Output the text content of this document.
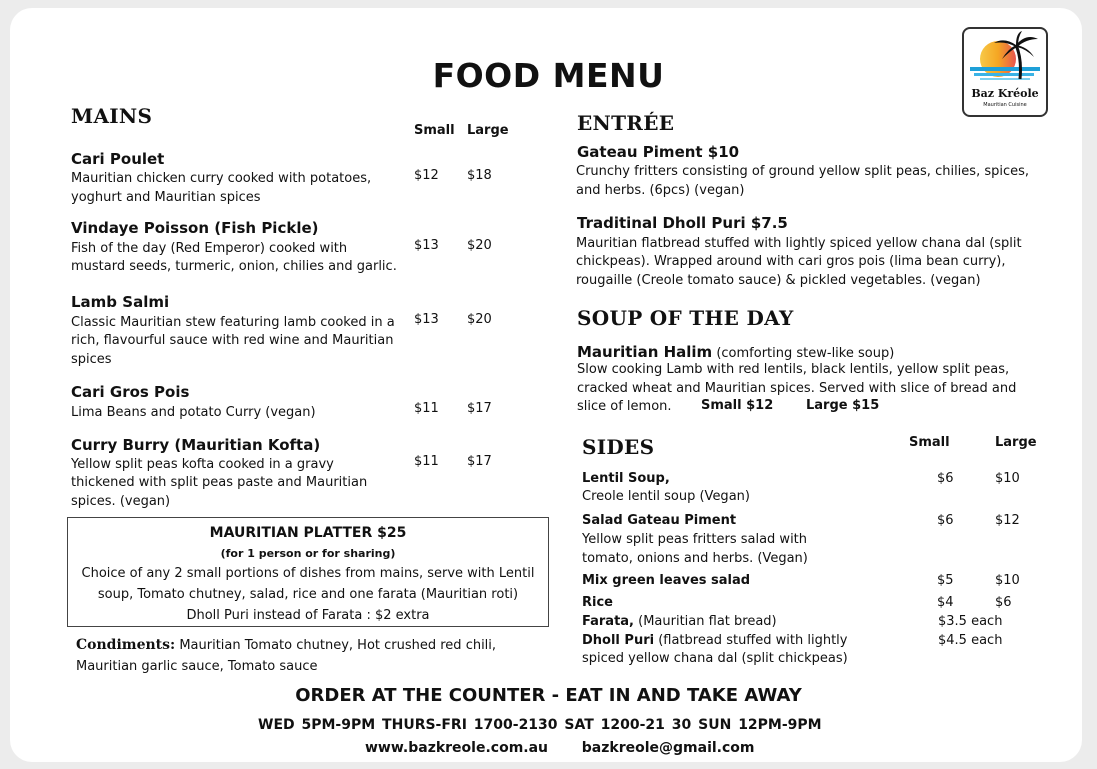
FOOD MENU	Baz Kréole
Mauritian Cuisine
MAINS
Small Large
Cari Poulet
Mauritian chicken curry cooked with potatoes,
yoghurt and Mauritian spices
$12 $18
Vindaye Poisson (Fish Pickle)
Fish of the day (Red Emperor) cooked with
mustard seeds, turmeric, onion, chilies and garlic.
$13 $20
Lamb Salmi
Classic Mauritian stew featuring lamb cooked in a
rich, flavourful sauce with red wine and Mauritian
spices
$13 $20
Cari Gros Pois
Lima Beans and potato Curry (vegan)	$11 $17
Curry Burry (Mauritian Kofta)
Yellow split peas kofta cooked in a gravy
thickened with split peas paste and Mauritian
spices. (vegan)
$11 $17
MAURITIAN PLATTER $25
(for 1 person or for sharing)
Choice of any 2 small portions of dishes from mains, serve with Lentil
soup, Tomato chutney, salad, rice and one farata (Mauritian roti)
Dholl Puri instead of Farata : $2 extra
Condiments: Mauritian Tomato chutney, Hot crushed red chili,
Mauritian garlic sauce, Tomato sauce
ENTRÉE
Gateau Piment $10
Crunchy fritters consisting of ground yellow split peas, chilies, spices,
and herbs. (6pcs) (vegan)
Traditinal Dholl Puri $7.5
Mauritian flatbread stuffed with lightly spiced yellow chana dal (split
chickpeas). Wrapped around with cari gros pois (lima bean curry),
rougaille (Creole tomato sauce) & pickled vegetables. (vegan)
SOUP OF THE DAY
Mauritian Halim (comforting stew-like soup)
Slow cooking Lamb with red lentils, black lentils, yellow split peas,
cracked wheat and Mauritian spices. Served with slice of bread and
slice of lemon. Small $12	Large $15
SIDES	Small	Large
Lentil Soup,
Creole lentil soup (Vegan)
$6	$10
Salad Gateau Piment
Yellow split peas fritters salad with
tomato, onions and herbs. (Vegan)
$6	$12
Mix green leaves salad	$5	$10
Rice	$4	$6
Farata, (Mauritian flat bread)	$3.5 each
Dholl Puri (flatbread stuffed with lightly
spiced yellow chana dal (split chickpeas)
$4.5 each
ORDER AT THE COUNTER - EAT IN AND TAKE AWAY
WED 5PM-9PM THURS-FRI 1700-2130 SAT 1200-21 30 SUN 12PM-9PM
www.bazkreole.com.au bazkreole@gmail.com
